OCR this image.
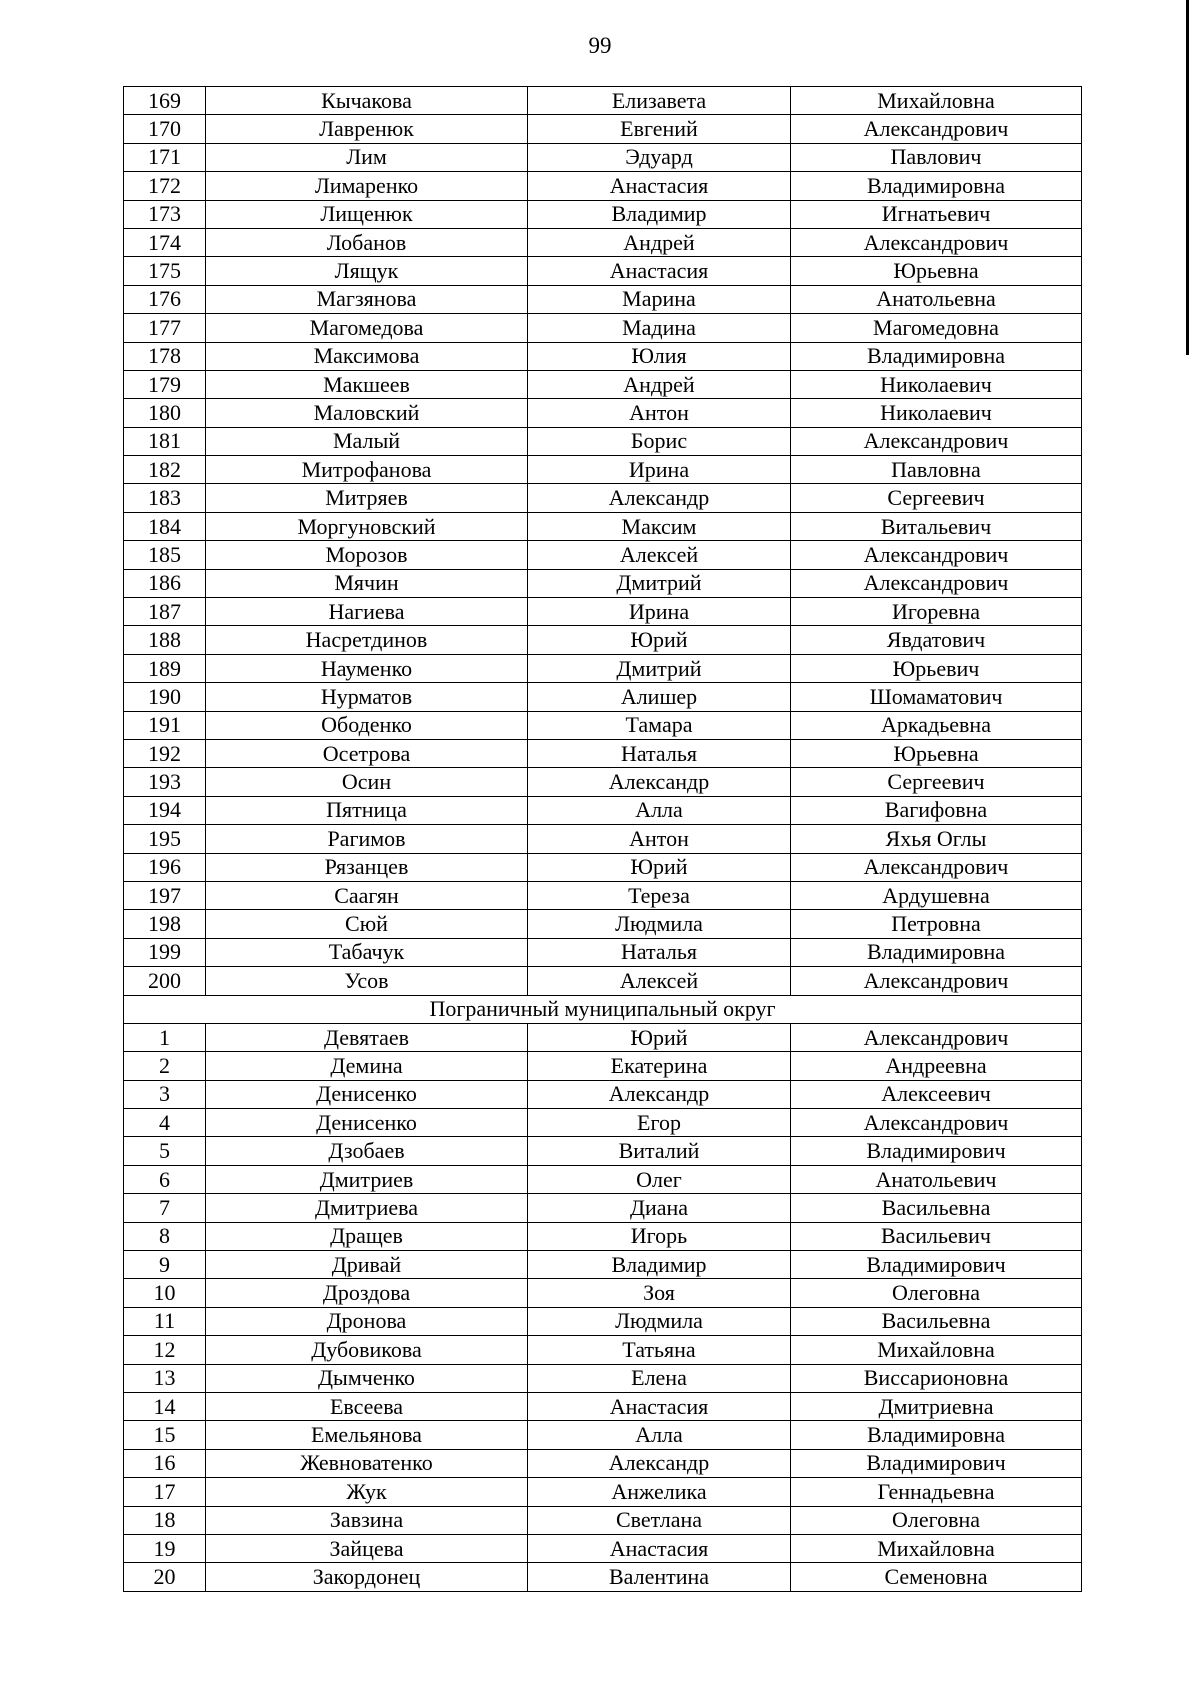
99
169	Кычакова	Елизавета	Михайловна
170	Лавренюк	Евгений	Александрович
171	Лим	Эдуард	Павлович
172	Лимаренко	Анастасия	Владимировна
173	Лищенюк	Владимир	Игнатьевич
174	Лобанов	Андрей	Александрович
175	Лящук	Анастасия	Юрьевна
176	Магзянова	Марина	Анатольевна
177	Магомедова	Мадина	Магомедовна
178	Максимова	Юлия	Владимировна
179	Макшеев	Андрей	Николаевич
180	Маловский	Антон	Николаевич
181	Малый	Борис	Александрович
182	Митрофанова	Ирина	Павловна
183	Митряев	Александр	Сергеевич
184	Моргуновский	Максим	Витальевич
185	Морозов	Алексей	Александрович
186	Мячин	Дмитрий	Александрович
187	Нагиева	Ирина	Игоревна
188	Насретдинов	Юрий	Явдатович
189	Науменко	Дмитрий	Юрьевич
190	Нурматов	Алишер	Шомаматович
191	Ободенко	Тамара	Аркадьевна
192	Осетрова	Наталья	Юрьевна
193	Осин	Александр	Сергеевич
194	Пятница	Алла	Вагифовна
195	Рагимов	Антон	Яхья Оглы
196	Рязанцев	Юрий	Александрович
197	Саагян	Тереза	Ардушевна
198	Сюй	Людмила	Петровна
199	Табачук	Наталья	Владимировна
200	Усов	Алексей	Александрович
Пограничный муниципальный округ			
1	Девятаев	Юрий	Александрович
2	Демина	Екатерина	Андреевна
3	Денисенко	Александр	Алексеевич
4	Денисенко	Егор	Александрович
5	Дзобаев	Виталий	Владимирович
6	Дмитриев	Олег	Анатольевич
7	Дмитриева	Диана	Васильевна
8	Дращев	Игорь	Васильевич
9	Дривай	Владимир	Владимирович
10	Дроздова	Зоя	Олеговна
11	Дронова	Людмила	Васильевна
12	Дубовикова	Татьяна	Михайловна
13	Дымченко	Елена	Виссарионовна
14	Евсеева	Анастасия	Дмитриевна
15	Емельянова	Алла	Владимировна
16	Жевноватенко	Александр	Владимирович
17	Жук	Анжелика	Геннадьевна
18	Завзина	Светлана	Олеговна
19	Зайцева	Анастасия	Михайловна
20	Закордонец	Валентина	Семеновна
